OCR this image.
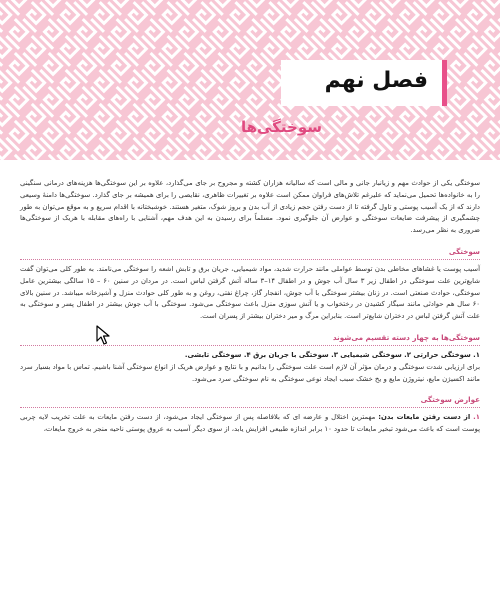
فصل نهم
سوختگی‌ها

سوختگی یکی از حوادث مهم و زیانبار جانی و مالی است که سالیانه هزاران کشته و مجروح بر جای می‌گذارد، علاوه بر این سوختگی‌ها هزینه‌های درمانی سنگینی را به خانواده‌ها تحمیل می‌نماید که علیرغم تلاش‌های فراوان ممکن است علاوه بر تغییرات ظاهری، نقایصی را برای همیشه بر جای گذارد. سوختگی‌ها دامنهٔ وسیعی دارند که از یک آسیب پوستی و تاول گرفته تا از دست رفتن حجم زیادی از آب بدن و بروز شوک، متغیر هستند. خوشبختانه با اقدام سریع و به موقع می‌توان به طور چشمگیری از پیشرفت ضایعات سوختگی و عوارض آن جلوگیری نمود. مسلماً برای رسیدن به این هدف مهم، آشنایی با راه‌های مقابله با هریک از سوختگی‌ها ضروری به نظر می‌رسد.

سوختگی

آسیب پوست یا غشاهای مخاطی بدن توسط عواملی مانند حرارت شدید، مواد شیمیایی، جریان برق و تابش اشعه را سوختگی می‌نامند. به طور کلی می‌توان گفت شایع‌ترین علت سوختگی در اطفال زیر ۳ سال آب جوش و در اطفال ۱۴–۳ ساله آتش گرفتن لباس است. در مردان در سنین ۶۰ – ۱۵ سالگی بیشترین عامل سوختگی، حوادث صنعتی است. در زنان بیشتر سوختگی با آب جوش، انفجار گاز، چراغ نفتی، روغن و به طور کلی حوادث منزل و آشپزخانه میباشد. در سنین بالای ۶۰ سال هم حوادثی مانند سیگار کشیدن در رختخواب و یا آتش سوزی منزل باعث سوختگی می‌شود. سوختگی با آب جوش بیشتر در اطفال پسر و سوختگی به علت آتش گرفتن لباس در دختران شایع‌تر است. بنابراین مرگ و میر دختران بیشتر از پسران است.

سوختگی‌ها به چهار دسته تقسیم می‌شوند

۱. سوختگی حرارتی ۲. سوختگی شیمیایی ۳. سوختگی با جریان برق ۴. سوختگی تابشی.

برای ارزیابی شدت سوختگی و درمان مؤثر آن لازم است علت سوختگی را بدانیم و با نتایج و عوارض هریک از انواع سوختگی آشنا باشیم. تماس با مواد بسیار سرد مانند اکسیژن مایع، نیتروژن مایع و یخ خشک سبب ایجاد نوعی سوختگی به نام سوختگی سرد می‌شود.

عوارض سوختگی

۱. از دست رفتن مایعات بدن: مهمترین اختلال و عارضه ای که بلافاصله پس از سوختگی ایجاد می‌شود، از دست رفتن مایعات به علت تخریب لایه چربی پوست است که باعث می‌شود تبخیر مایعات تا حدود ۱۰ برابر اندازه طبیعی افزایش یابد، از سوی دیگر آسیب به عروق پوستی ناحیه منجر به خروج مایعات،
